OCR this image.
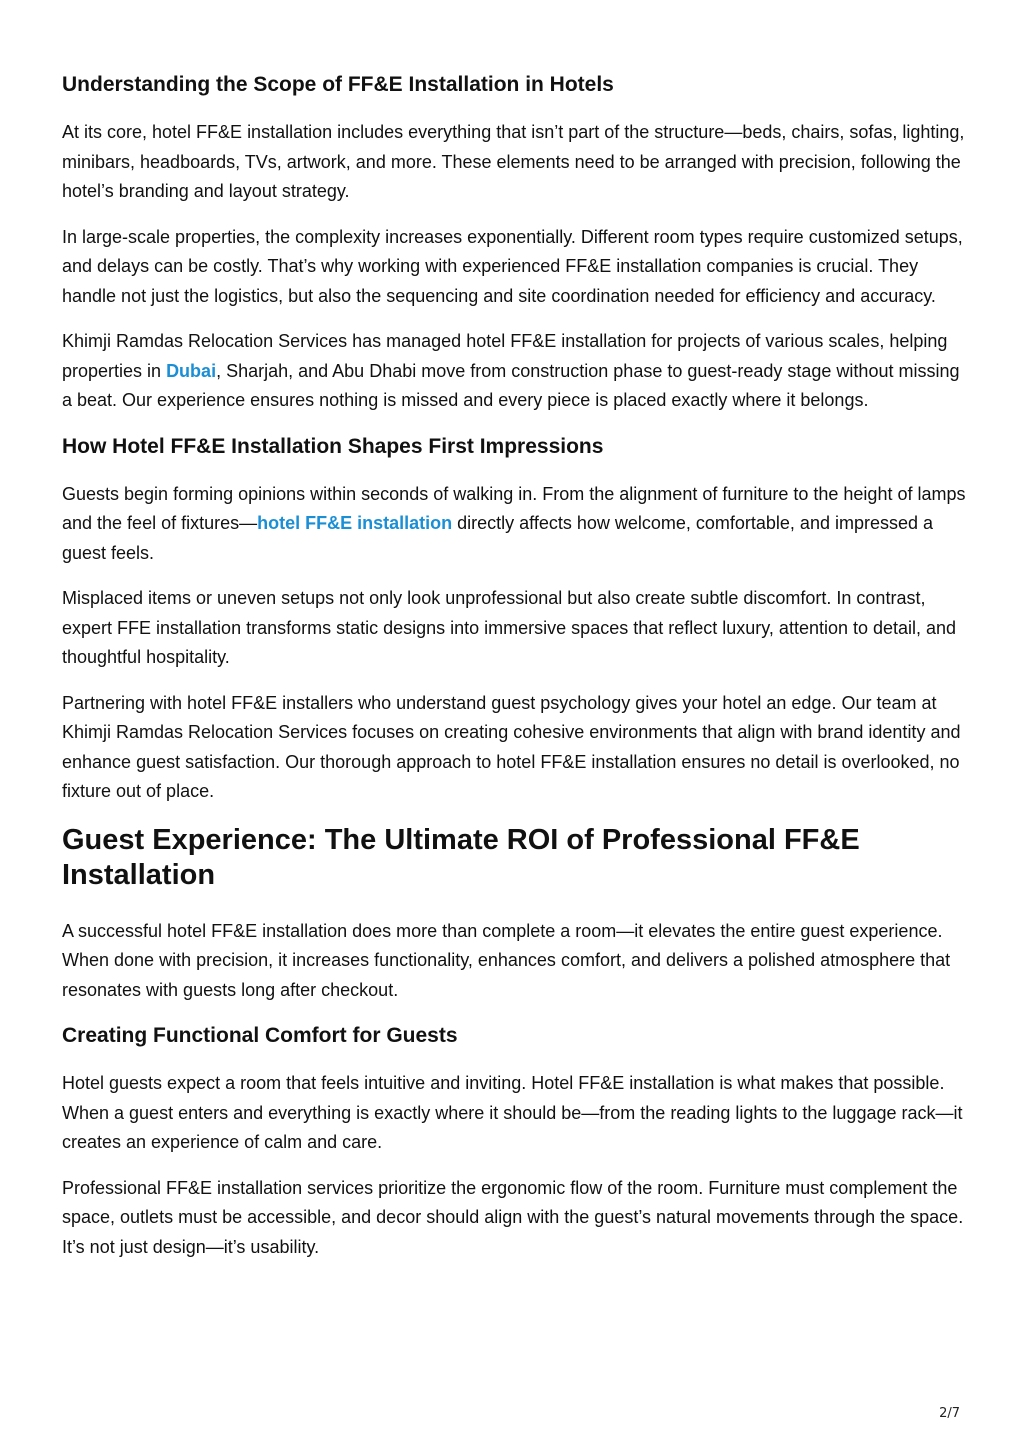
Understanding the Scope of FF&E Installation in Hotels

At its core, hotel FF&E installation includes everything that isn’t part of the structure—beds, chairs, sofas, lighting, minibars, headboards, TVs, artwork, and more. These elements need to be arranged with precision, following the hotel’s branding and layout strategy.

In large-scale properties, the complexity increases exponentially. Different room types require customized setups, and delays can be costly. That’s why working with experienced FF&E installation companies is crucial. They handle not just the logistics, but also the sequencing and site coordination needed for efficiency and accuracy.

Khimji Ramdas Relocation Services has managed hotel FF&E installation for projects of various scales, helping properties in Dubai, Sharjah, and Abu Dhabi move from construction phase to guest-ready stage without missing a beat. Our experience ensures nothing is missed and every piece is placed exactly where it belongs.

How Hotel FF&E Installation Shapes First Impressions

Guests begin forming opinions within seconds of walking in. From the alignment of furniture to the height of lamps and the feel of fixtures—hotel FF&E installation directly affects how welcome, comfortable, and impressed a guest feels.

Misplaced items or uneven setups not only look unprofessional but also create subtle discomfort. In contrast, expert FFE installation transforms static designs into immersive spaces that reflect luxury, attention to detail, and thoughtful hospitality.

Partnering with hotel FF&E installers who understand guest psychology gives your hotel an edge. Our team at Khimji Ramdas Relocation Services focuses on creating cohesive environments that align with brand identity and enhance guest satisfaction. Our thorough approach to hotel FF&E installation ensures no detail is overlooked, no fixture out of place.

Guest Experience: The Ultimate ROI of Professional FF&E Installation

A successful hotel FF&E installation does more than complete a room—it elevates the entire guest experience. When done with precision, it increases functionality, enhances comfort, and delivers a polished atmosphere that resonates with guests long after checkout.

Creating Functional Comfort for Guests

Hotel guests expect a room that feels intuitive and inviting. Hotel FF&E installation is what makes that possible. When a guest enters and everything is exactly where it should be—from the reading lights to the luggage rack—it creates an experience of calm and care.

Professional FF&E installation services prioritize the ergonomic flow of the room. Furniture must complement the space, outlets must be accessible, and decor should align with the guest’s natural movements through the space. It’s not just design—it’s usability.

2/7
